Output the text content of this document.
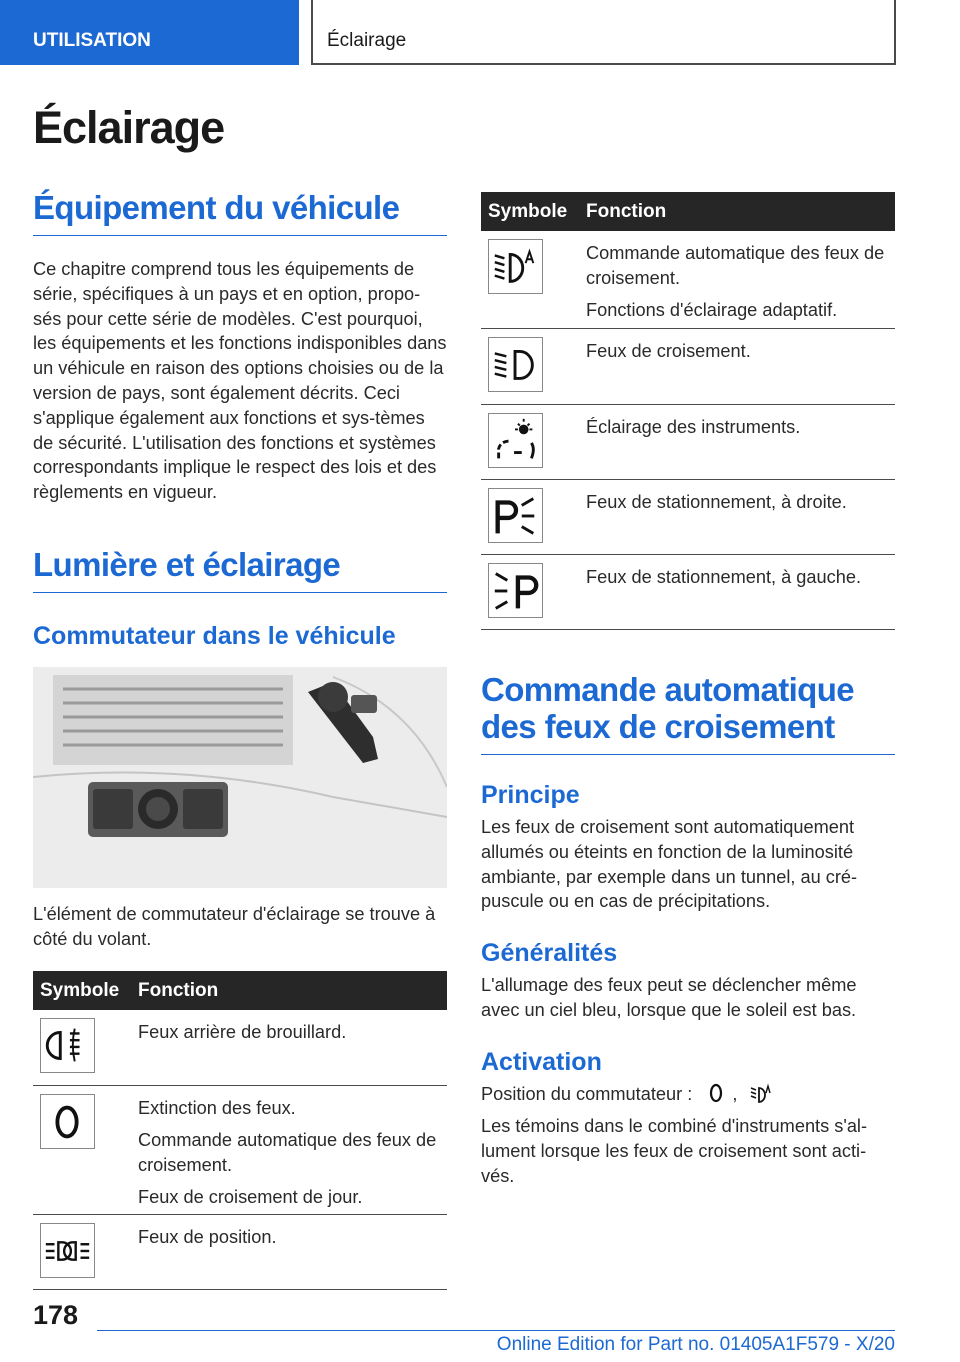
UTILISATION	Éclairage
Éclairage
Équipement du véhicule

Ce chapitre comprend tous les équipements de série, spécifiques à un pays et en option, propo-sés pour cette série de modèles. C'est pourquoi, les équipements et les fonctions indisponibles dans un véhicule en raison des options choisies ou de la version de pays, sont également décrits. Ceci s'applique également aux fonctions et sys-tèmes de sécurité. L'utilisation des fonctions et systèmes correspondants implique le respect des lois et des règlements en vigueur.

Lumière et éclairage
Commutateur dans le véhicule

L'élément de commutateur d'éclairage se trouve à côté du volant.

Symbole Fonction

Feux arrière de brouillard.

Extinction des feux.

Commande automatique des feux de croisement.

Feux de croisement de jour.

Feux de position.

Symbole Fonction

Commande automatique des feux de croisement.

Fonctions d'éclairage adaptatif.

Feux de croisement.

Éclairage des instruments.

Feux de stationnement, à droite.

Feux de stationnement, à gauche.

Commande automatique des feux de croisement
Principe

Les feux de croisement sont automatiquement allumés ou éteints en fonction de la luminosité ambiante, par exemple dans un tunnel, au cré-puscule ou en cas de précipitations.

Généralités

L'allumage des feux peut se déclencher même avec un ciel bleu, lorsque que le soleil est bas.

Activation

Position du commutateur : ,

Les témoins dans le combiné d'instruments s'al-lument lorsque les feux de croisement sont acti-vés.

178
Online Edition for Part no. 01405A1F579 - X/20
